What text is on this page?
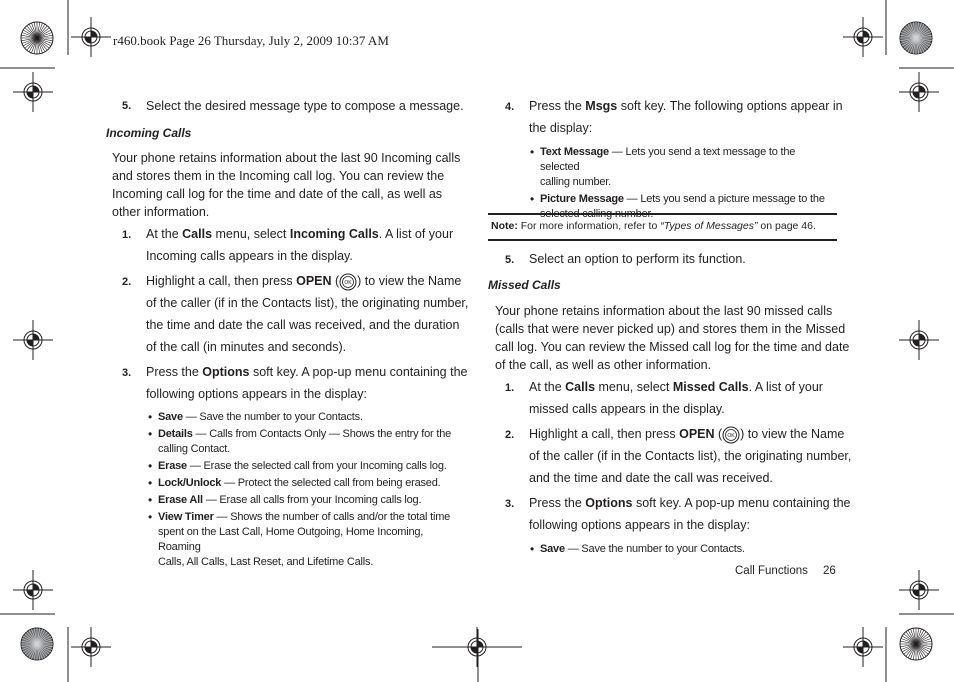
r460.book Page 26 Thursday, July 2, 2009 10:37 AM
5. Select the desired message type to compose a message.
Incoming Calls
Your phone retains information about the last 90 Incoming calls
and stores them in the Incoming call log. You can review the
Incoming call log for the time and date of the call, as well as
other information.
1. At the Calls menu, select Incoming Calls. A list of your
Incoming calls appears in the display.
2. Highlight a call, then press OPEN ( OK ) to view the Name
of the caller (if in the Contacts list), the originating number,
the time and date the call was received, and the duration
of the call (in minutes and seconds).
3. Press the Options soft key. A pop-up menu containing the
following options appears in the display:
• Save — Save the number to your Contacts.
• Details — Calls from Contacts Only — Shows the entry for the
calling Contact.
• Erase — Erase the selected call from your Incoming calls log.
• Lock/Unlock — Protect the selected call from being erased.
• Erase All — Erase all calls from your Incoming calls log.
• View Timer — Shows the number of calls and/or the total time
spent on the Last Call, Home Outgoing, Home Incoming, Roaming
Calls, All Calls, Last Reset, and Lifetime Calls.
4. Press the Msgs soft key. The following options appear in
the display:
• Text Message — Lets you send a text message to the selected
calling number.
• Picture Message — Lets you send a picture message to the

Note: For more information, refer to “Types of Messages” on page 46.
5. Select an option to perform its function.
Missed Calls
Your phone retains information about the last 90 missed calls
(calls that were never picked up) and stores them in the Missed
call log. You can review the Missed call log for the time and date
of the call, as well as other information.
1. At the Calls menu, select Missed Calls. A list of your
missed calls appears in the display.
2. Highlight a call, then press OPEN ( OK ) to view the Name
of the caller (if in the Contacts list), the originating number,
and the time and date the call was received.
3. Press the Options soft key. A pop-up menu containing the
following options appears in the display:
• Save — Save the number to your Contacts.
Call Functions 26
